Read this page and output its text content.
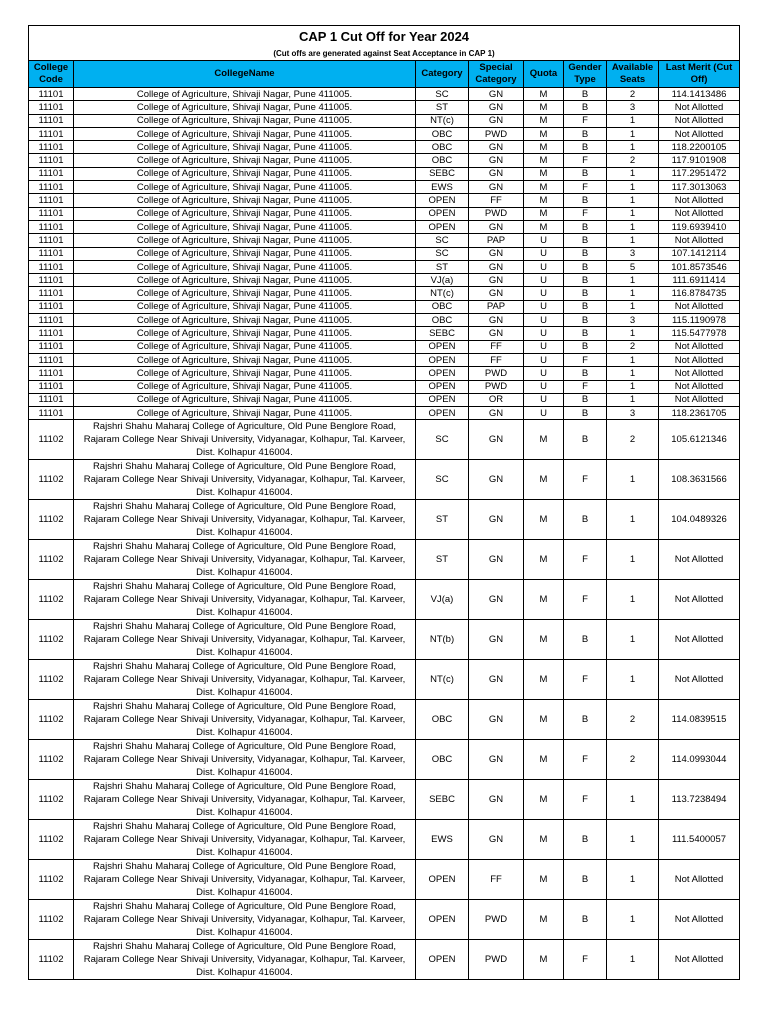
CAP 1 Cut Off for Year 2024							
(Cut offs are generated against Seat Acceptance in CAP 1)							
College Code	CollegeName	Category	Special Category	Quota	Gender Type	Available Seats	Last Merit (Cut Off)
11101	College of Agriculture, Shivaji Nagar, Pune 411005.	SC	GN	M	B	2	114.1413486
11101	College of Agriculture, Shivaji Nagar, Pune 411005.	ST	GN	M	B	3	Not Allotted
11101	College of Agriculture, Shivaji Nagar, Pune 411005.	NT(c)	GN	M	F	1	Not Allotted
11101	College of Agriculture, Shivaji Nagar, Pune 411005.	OBC	PWD	M	B	1	Not Allotted
11101	College of Agriculture, Shivaji Nagar, Pune 411005.	OBC	GN	M	B	1	118.2200105
11101	College of Agriculture, Shivaji Nagar, Pune 411005.	OBC	GN	M	F	2	117.9101908
11101	College of Agriculture, Shivaji Nagar, Pune 411005.	SEBC	GN	M	B	1	117.2951472
11101	College of Agriculture, Shivaji Nagar, Pune 411005.	EWS	GN	M	F	1	117.3013063
11101	College of Agriculture, Shivaji Nagar, Pune 411005.	OPEN	FF	M	B	1	Not Allotted
11101	College of Agriculture, Shivaji Nagar, Pune 411005.	OPEN	PWD	M	F	1	Not Allotted
11101	College of Agriculture, Shivaji Nagar, Pune 411005.	OPEN	GN	M	B	1	119.6939410
11101	College of Agriculture, Shivaji Nagar, Pune 411005.	SC	PAP	U	B	1	Not Allotted
11101	College of Agriculture, Shivaji Nagar, Pune 411005.	SC	GN	U	B	3	107.1412114
11101	College of Agriculture, Shivaji Nagar, Pune 411005.	ST	GN	U	B	5	101.8573546
11101	College of Agriculture, Shivaji Nagar, Pune 411005.	VJ(a)	GN	U	B	1	111.6911414
11101	College of Agriculture, Shivaji Nagar, Pune 411005.	NT(c)	GN	U	B	1	116.8784735
11101	College of Agriculture, Shivaji Nagar, Pune 411005.	OBC	PAP	U	B	1	Not Allotted
11101	College of Agriculture, Shivaji Nagar, Pune 411005.	OBC	GN	U	B	3	115.1190978
11101	College of Agriculture, Shivaji Nagar, Pune 411005.	SEBC	GN	U	B	1	115.5477978
11101	College of Agriculture, Shivaji Nagar, Pune 411005.	OPEN	FF	U	B	2	Not Allotted
11101	College of Agriculture, Shivaji Nagar, Pune 411005.	OPEN	FF	U	F	1	Not Allotted
11101	College of Agriculture, Shivaji Nagar, Pune 411005.	OPEN	PWD	U	B	1	Not Allotted
11101	College of Agriculture, Shivaji Nagar, Pune 411005.	OPEN	PWD	U	F	1	Not Allotted
11101	College of Agriculture, Shivaji Nagar, Pune 411005.	OPEN	OR	U	B	1	Not Allotted
11101	College of Agriculture, Shivaji Nagar, Pune 411005.	OPEN	GN	U	B	3	118.2361705
11102	Rajshri Shahu Maharaj College of Agriculture, Old Pune Benglore Road, Rajaram College Near Shivaji University, Vidyanagar, Kolhapur, Tal. Karveer, Dist. Kolhapur 416004.	SC	GN	M	B	2	105.6121346
11102	Rajshri Shahu Maharaj College of Agriculture, Old Pune Benglore Road, Rajaram College Near Shivaji University, Vidyanagar, Kolhapur, Tal. Karveer, Dist. Kolhapur 416004.	SC	GN	M	F	1	108.3631566
11102	Rajshri Shahu Maharaj College of Agriculture, Old Pune Benglore Road, Rajaram College Near Shivaji University, Vidyanagar, Kolhapur, Tal. Karveer, Dist. Kolhapur 416004.	ST	GN	M	B	1	104.0489326
11102	Rajshri Shahu Maharaj College of Agriculture, Old Pune Benglore Road, Rajaram College Near Shivaji University, Vidyanagar, Kolhapur, Tal. Karveer, Dist. Kolhapur 416004.	ST	GN	M	F	1	Not Allotted
11102	Rajshri Shahu Maharaj College of Agriculture, Old Pune Benglore Road, Rajaram College Near Shivaji University, Vidyanagar, Kolhapur, Tal. Karveer, Dist. Kolhapur 416004.	VJ(a)	GN	M	F	1	Not Allotted
11102	Rajshri Shahu Maharaj College of Agriculture, Old Pune Benglore Road, Rajaram College Near Shivaji University, Vidyanagar, Kolhapur, Tal. Karveer, Dist. Kolhapur 416004.	NT(b)	GN	M	B	1	Not Allotted
11102	Rajshri Shahu Maharaj College of Agriculture, Old Pune Benglore Road, Rajaram College Near Shivaji University, Vidyanagar, Kolhapur, Tal. Karveer, Dist. Kolhapur 416004.	NT(c)	GN	M	F	1	Not Allotted
11102	Rajshri Shahu Maharaj College of Agriculture, Old Pune Benglore Road, Rajaram College Near Shivaji University, Vidyanagar, Kolhapur, Tal. Karveer, Dist. Kolhapur 416004.	OBC	GN	M	B	2	114.0839515
11102	Rajshri Shahu Maharaj College of Agriculture, Old Pune Benglore Road, Rajaram College Near Shivaji University, Vidyanagar, Kolhapur, Tal. Karveer, Dist. Kolhapur 416004.	OBC	GN	M	F	2	114.0993044
11102	Rajshri Shahu Maharaj College of Agriculture, Old Pune Benglore Road, Rajaram College Near Shivaji University, Vidyanagar, Kolhapur, Tal. Karveer, Dist. Kolhapur 416004.	SEBC	GN	M	F	1	113.7238494
11102	Rajshri Shahu Maharaj College of Agriculture, Old Pune Benglore Road, Rajaram College Near Shivaji University, Vidyanagar, Kolhapur, Tal. Karveer, Dist. Kolhapur 416004.	EWS	GN	M	B	1	111.5400057
11102	Rajshri Shahu Maharaj College of Agriculture, Old Pune Benglore Road, Rajaram College Near Shivaji University, Vidyanagar, Kolhapur, Tal. Karveer, Dist. Kolhapur 416004.	OPEN	FF	M	B	1	Not Allotted
11102	Rajshri Shahu Maharaj College of Agriculture, Old Pune Benglore Road, Rajaram College Near Shivaji University, Vidyanagar, Kolhapur, Tal. Karveer, Dist. Kolhapur 416004.	OPEN	PWD	M	B	1	Not Allotted
11102	Rajshri Shahu Maharaj College of Agriculture, Old Pune Benglore Road, Rajaram College Near Shivaji University, Vidyanagar, Kolhapur, Tal. Karveer, Dist. Kolhapur 416004.	OPEN	PWD	M	F	1	Not Allotted
